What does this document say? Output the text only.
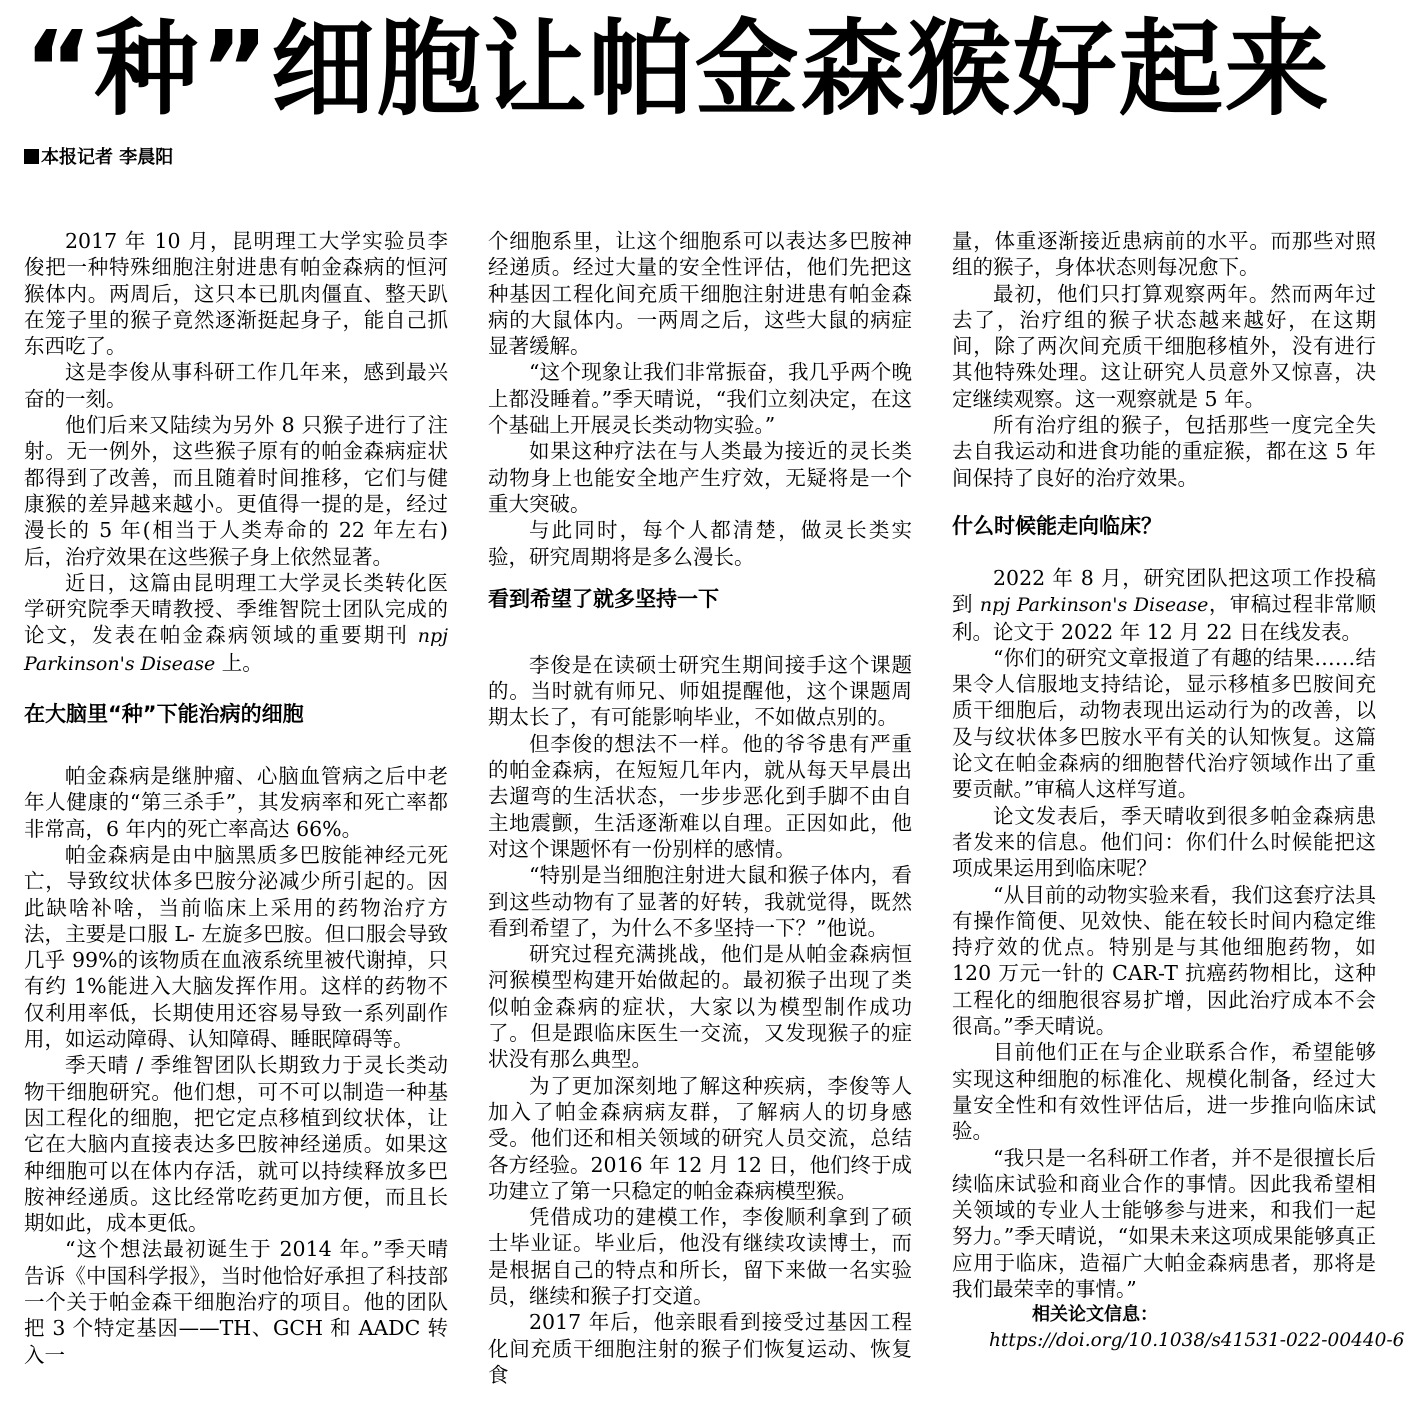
“种”细胞让帕金森猴好起来
本报记者 李晨阳

2017 年 10 月，昆明理工大学实验员李俊把一种特殊细胞注射进患有帕金森病的恒河猴体内。两周后，这只本已肌肉僵直、整天趴在笼子里的猴子竟然逐渐挺起身子，能自己抓东西吃了。

这是李俊从事科研工作几年来，感到最兴奋的一刻。

他们后来又陆续为另外 8 只猴子进行了注射。无一例外，这些猴子原有的帕金森病症状都得到了改善，而且随着时间推移，它们与健康猴的差异越来越小。更值得一提的是，经过漫长的 5 年(相当于人类寿命的 22 年左右)后，治疗效果在这些猴子身上依然显著。

近日，这篇由昆明理工大学灵长类转化医学研究院季天晴教授、季维智院士团队完成的论文，发表在帕金森病领域的重要期刊 npj Parkinson's Disease 上。

在大脑里“种”下能治病的细胞

帕金森病是继肿瘤、心脑血管病之后中老年人健康的“第三杀手”，其发病率和死亡率都非常高，6 年内的死亡率高达 66%。

帕金森病是由中脑黑质多巴胺能神经元死亡，导致纹状体多巴胺分泌减少所引起的。因此缺啥补啥，当前临床上采用的药物治疗方法，主要是口服 L- 左旋多巴胺。但口服会导致几乎 99%的该物质在血液系统里被代谢掉，只有约 1%能进入大脑发挥作用。这样的药物不仅利用率低，长期使用还容易导致一系列副作用，如运动障碍、认知障碍、睡眠障碍等。

季天晴 / 季维智团队长期致力于灵长类动物干细胞研究。他们想，可不可以制造一种基因工程化的细胞，把它定点移植到纹状体，让它在大脑内直接表达多巴胺神经递质。如果这种细胞可以在体内存活，就可以持续释放多巴胺神经递质。这比经常吃药更加方便，而且长期如此，成本更低。

“这个想法最初诞生于 2014 年。”季天晴告诉《中国科学报》，当时他恰好承担了科技部一个关于帕金森干细胞治疗的项目。他的团队把 3 个特定基因——TH、GCH 和 AADC 转入一

个细胞系里，让这个细胞系可以表达多巴胺神经递质。经过大量的安全性评估，他们先把这种基因工程化间充质干细胞注射进患有帕金森病的大鼠体内。一两周之后，这些大鼠的病症显著缓解。

“这个现象让我们非常振奋，我几乎两个晚上都没睡着。”季天晴说，“我们立刻决定，在这个基础上开展灵长类动物实验。”

如果这种疗法在与人类最为接近的灵长类动物身上也能安全地产生疗效，无疑将是一个重大突破。

与此同时，每个人都清楚，做灵长类实验，研究周期将是多么漫长。

看到希望了就多坚持一下

李俊是在读硕士研究生期间接手这个课题的。当时就有师兄、师姐提醒他，这个课题周期太长了，有可能影响毕业，不如做点别的。

但李俊的想法不一样。他的爷爷患有严重的帕金森病，在短短几年内，就从每天早晨出去遛弯的生活状态，一步步恶化到手脚不由自主地震颤，生活逐渐难以自理。正因如此，他对这个课题怀有一份别样的感情。

“特别是当细胞注射进大鼠和猴子体内，看到这些动物有了显著的好转，我就觉得，既然看到希望了，为什么不多坚持一下？”他说。

研究过程充满挑战，他们是从帕金森病恒河猴模型构建开始做起的。最初猴子出现了类似帕金森病的症状，大家以为模型制作成功了。但是跟临床医生一交流，又发现猴子的症状没有那么典型。

为了更加深刻地了解这种疾病，李俊等人加入了帕金森病病友群，了解病人的切身感受。他们还和相关领域的研究人员交流，总结各方经验。2016 年 12 月 12 日，他们终于成功建立了第一只稳定的帕金森病模型猴。

凭借成功的建模工作，李俊顺利拿到了硕士毕业证。毕业后，他没有继续攻读博士，而是根据自己的特点和所长，留下来做一名实验员，继续和猴子打交道。

2017 年后，他亲眼看到接受过基因工程化间充质干细胞注射的猴子们恢复运动、恢复食

量，体重逐渐接近患病前的水平。而那些对照组的猴子，身体状态则每况愈下。

最初，他们只打算观察两年。然而两年过去了，治疗组的猴子状态越来越好，在这期间，除了两次间充质干细胞移植外，没有进行其他特殊处理。这让研究人员意外又惊喜，决定继续观察。这一观察就是 5 年。

所有治疗组的猴子，包括那些一度完全失去自我运动和进食功能的重症猴，都在这 5 年间保持了良好的治疗效果。

什么时候能走向临床？

2022 年 8 月，研究团队把这项工作投稿到 npj Parkinson's Disease，审稿过程非常顺利。论文于 2022 年 12 月 22 日在线发表。

“你们的研究文章报道了有趣的结果……结果令人信服地支持结论，显示移植多巴胺间充质干细胞后，动物表现出运动行为的改善，以及与纹状体多巴胺水平有关的认知恢复。这篇论文在帕金森病的细胞替代治疗领域作出了重要贡献。”审稿人这样写道。

论文发表后，季天晴收到很多帕金森病患者发来的信息。他们问：你们什么时候能把这项成果运用到临床呢？

“从目前的动物实验来看，我们这套疗法具有操作简便、见效快、能在较长时间内稳定维持疗效的优点。特别是与其他细胞药物，如 120 万元一针的 CAR-T 抗癌药物相比，这种工程化的细胞很容易扩增，因此治疗成本不会很高。”季天晴说。

目前他们正在与企业联系合作，希望能够实现这种细胞的标准化、规模化制备，经过大量安全性和有效性评估后，进一步推向临床试验。

“我只是一名科研工作者，并不是很擅长后续临床试验和商业合作的事情。因此我希望相关领域的专业人士能够参与进来，和我们一起努力。”季天晴说，“如果未来这项成果能够真正应用于临床，造福广大帕金森病患者，那将是我们最荣幸的事情。”

相关论文信息：

https://doi.org/10.1038/s41531-022-00440-6
